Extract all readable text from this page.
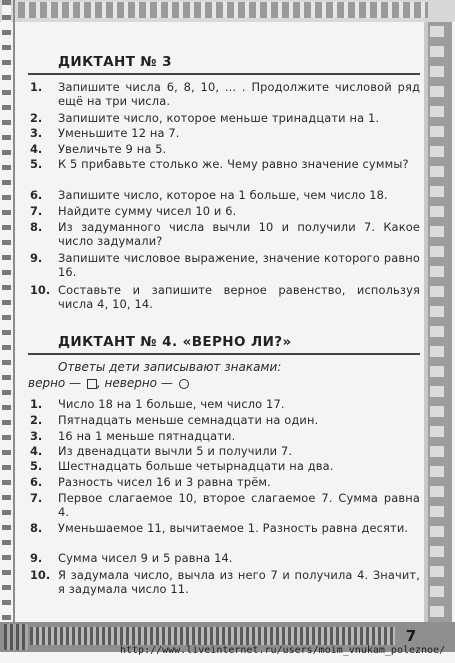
ДИКТАНТ № 3
1.	Запишите числа 6, 8, 10, ... . Продолжите числовой ряд ещё на три числа.
2.	Запишите число, которое меньше тринадцати на 1.
3.	Уменьшите 12 на 7.
4.	Увеличьте 9 на 5.
5.	К 5 прибавьте столько же. Чему равно значение суммы?
6.	Запишите число, которое на 1 больше, чем число 18.
7.	Найдите сумму чисел 10 и 6.
8.	Из задуманного числа вычли 10 и получили 7. Какое число задумали?
9.	Запишите числовое выражение, значение которого равно 16.
10. Составьте и запишите верное равенство, используя числа 4, 10, 14.
ДИКТАНТ № 4. «ВЕРНО ЛИ?»
Ответы дети записывают знаками:
верно — , неверно —
1.	Число 18 на 1 больше, чем число 17.
2.	Пятнадцать меньше семнадцати на один.
3.	16 на 1 меньше пятнадцати.
4.	Из двенадцати вычли 5 и получили 7.
5.	Шестнадцать больше четырнадцати на два.
6.	Разность чисел 16 и 3 равна трём.
7.	Первое слагаемое 10, второе слагаемое 7. Сумма равна 4.
8.	Уменьшаемое 11, вычитаемое 1. Разность равна десяти.
9.	Сумма чисел 9 и 5 равна 14.
10. Я задумала число, вычла из него 7 и получила 4. Значит, я задумала число 11.
7
http://www.liveinternet.ru/users/moim_vnukam_poleznoe/
